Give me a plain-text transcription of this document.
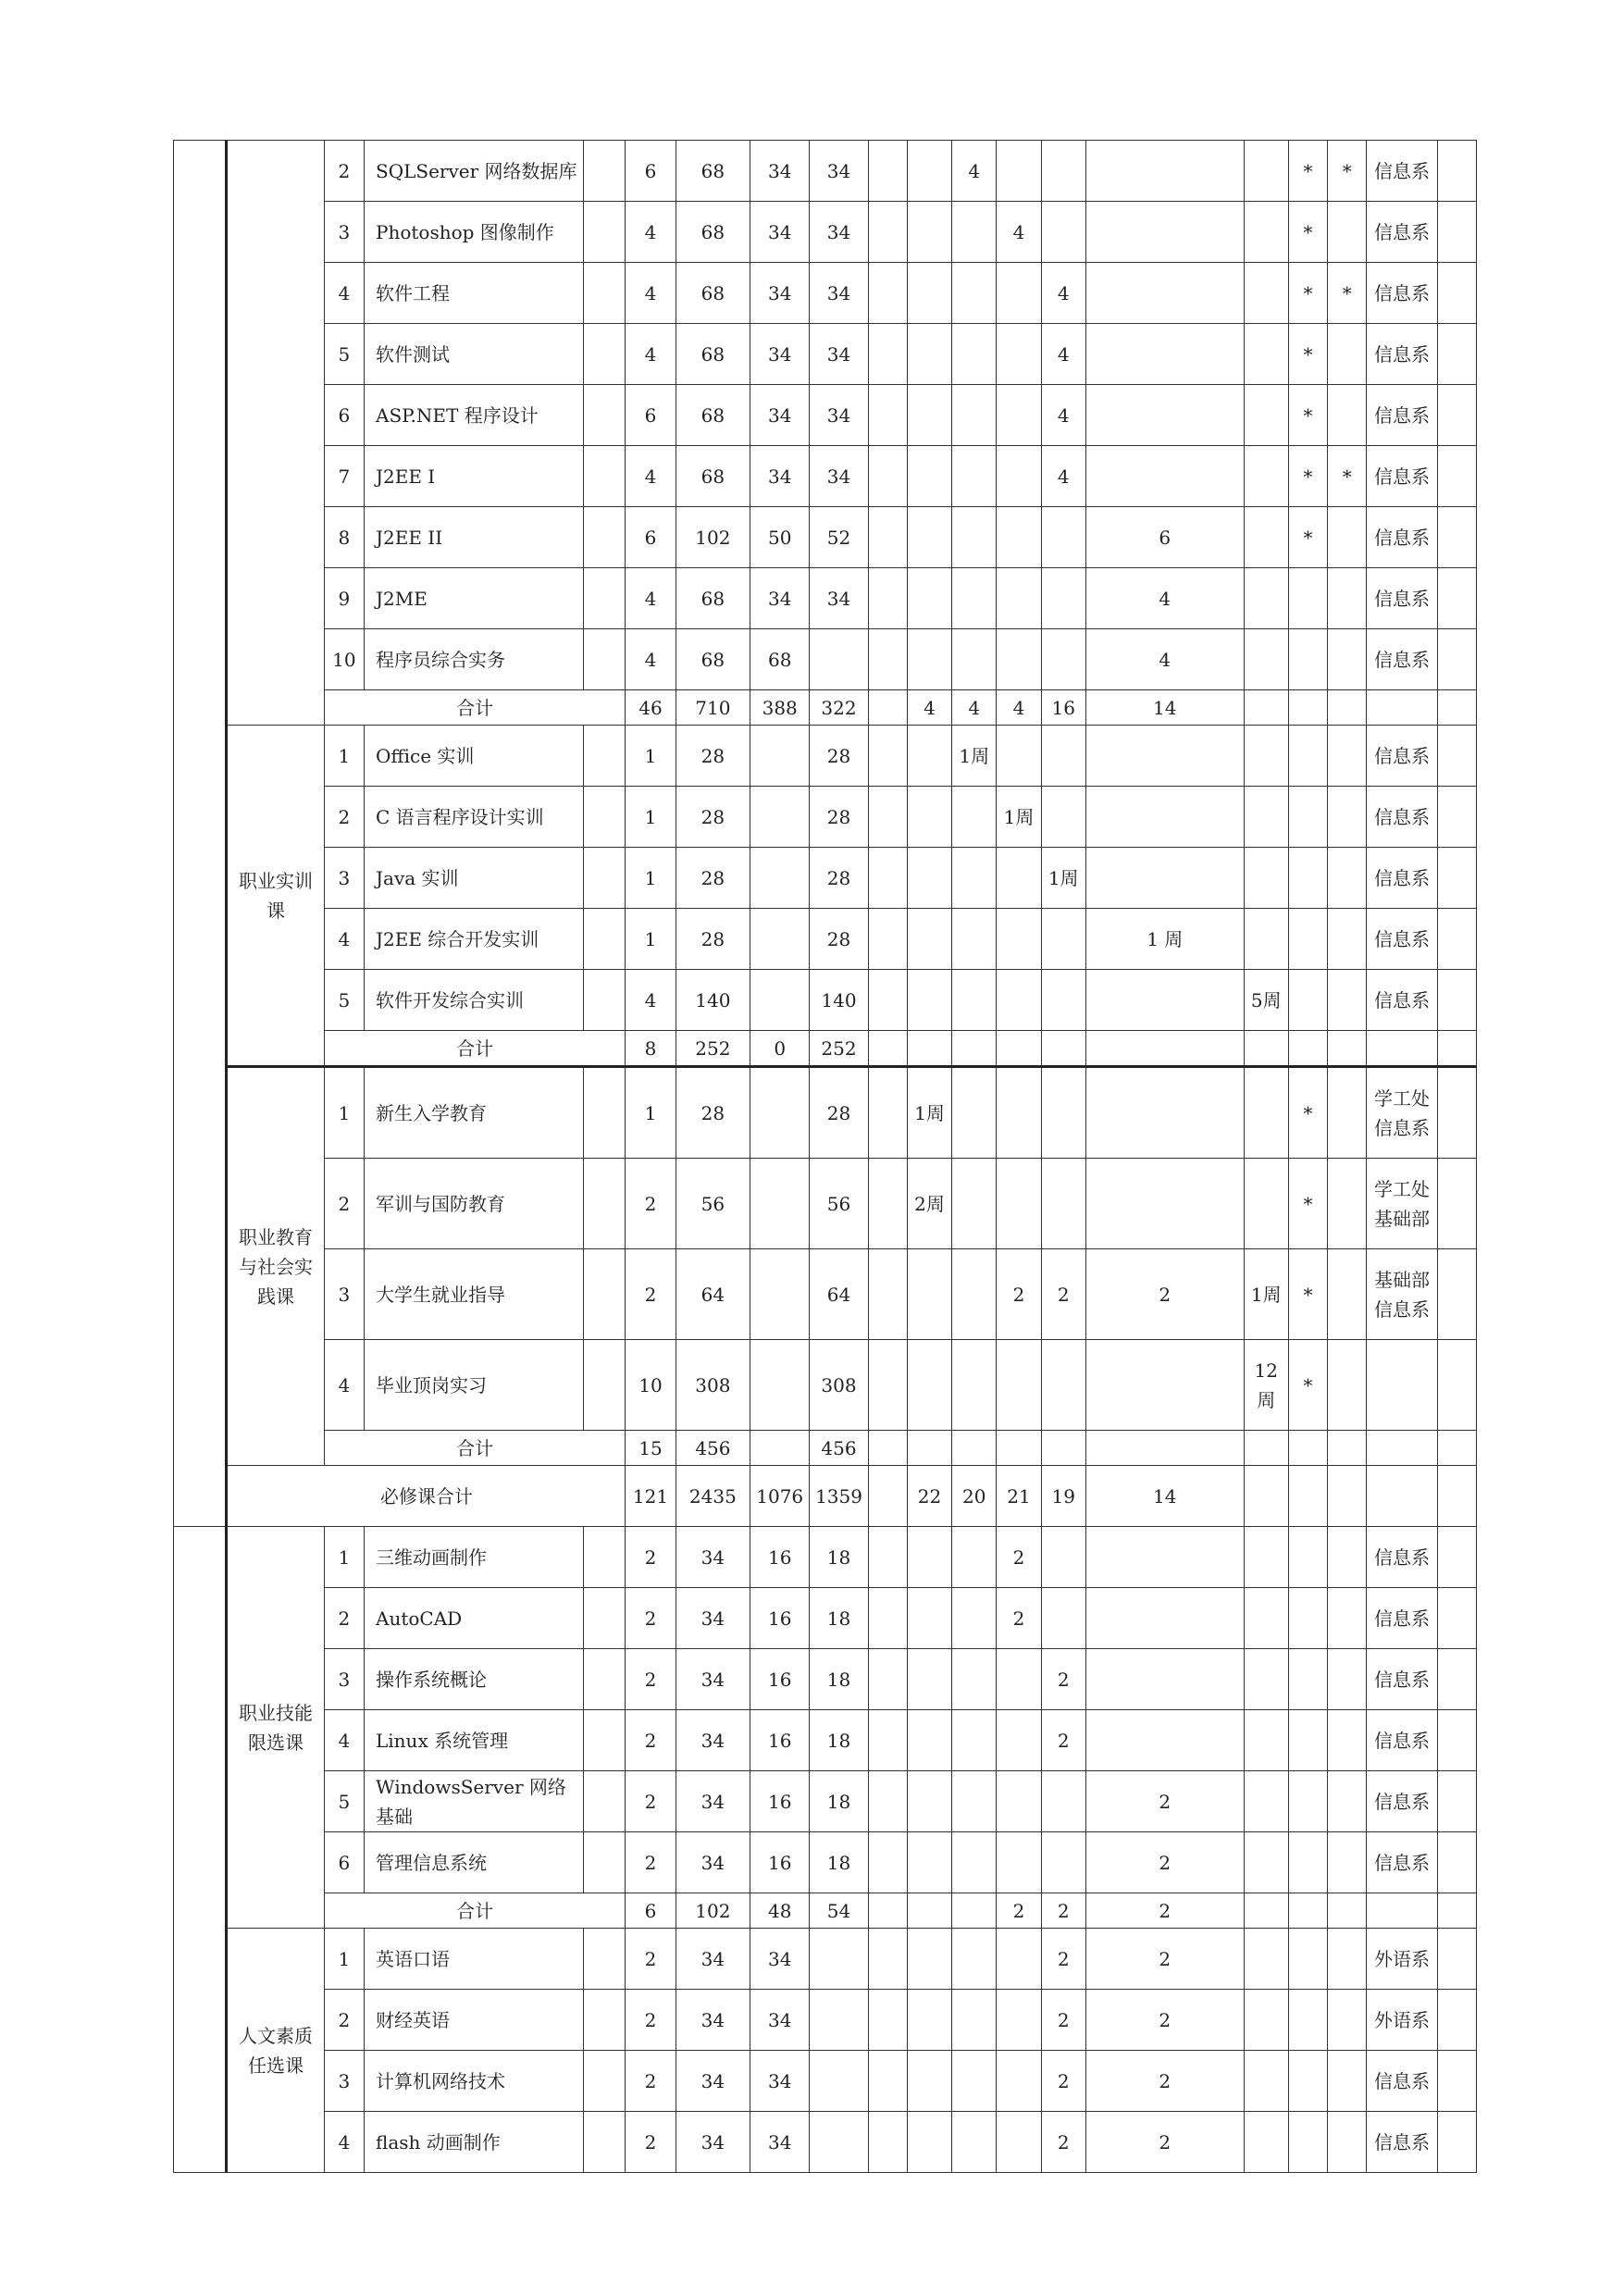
		2	SQLServer 网络数据库		6	68	34	34			4					*	*	信息系	
		3	Photoshop 图像制作		4	68	34	34				4				*		信息系	
		4	软件工程		4	68	34	34					4			*	*	信息系	
		5	软件测试		4	68	34	34					4			*		信息系	
		6	ASP.NET 程序设计		6	68	34	34					4			*		信息系	
		7	J2EE I		4	68	34	34					4			*	*	信息系	
		8	J2EE II		6	102	50	52						6		*		信息系	
		9	J2ME		4	68	34	34						4				信息系	
		10	程序员综合实务		4	68	68							4				信息系	
		合计			46	710	388	322		4	4	4	16	14					
	职业实训课	1	Office 实训		1	28		28			1周							信息系	
		2	C 语言程序设计实训		1	28		28				1周						信息系	
		3	Java 实训		1	28		28					1周					信息系	
		4	J2EE 综合开发实训		1	28		28						1 周				信息系	
		5	软件开发综合实训		4	140		140							5周			信息系	
		合计			8	252	0	252											
	职业教育与社会实践课	1	新生入学教育		1	28		28		1周						*		学工处信息系	
		2	军训与国防教育		2	56		56		2周						*		学工处基础部	
		3	大学生就业指导		2	64		64				2	2	2	1周	*		基础部信息系	
		4	毕业顶岗实习		10	308		308							12周	*			
		合计			15	456		456											
	必修课合计				121	2435	1076	1359		22	20	21	19	14					
	职业技能限选课	1	三维动画制作		2	34	16	18				2						信息系	
		2	AutoCAD		2	34	16	18				2						信息系	
		3	操作系统概论		2	34	16	18					2					信息系	
		4	Linux 系统管理		2	34	16	18					2					信息系	
		5	WindowsServer 网络基础		2	34	16	18						2				信息系	
		6	管理信息系统		2	34	16	18						2				信息系	
		合计			6	102	48	54				2	2	2					
	人文素质任选课	1	英语口语		2	34	34						2	2				外语系	
		2	财经英语		2	34	34						2	2				外语系	
		3	计算机网络技术		2	34	34						2	2				信息系	
		4	flash 动画制作		2	34	34						2	2				信息系	
